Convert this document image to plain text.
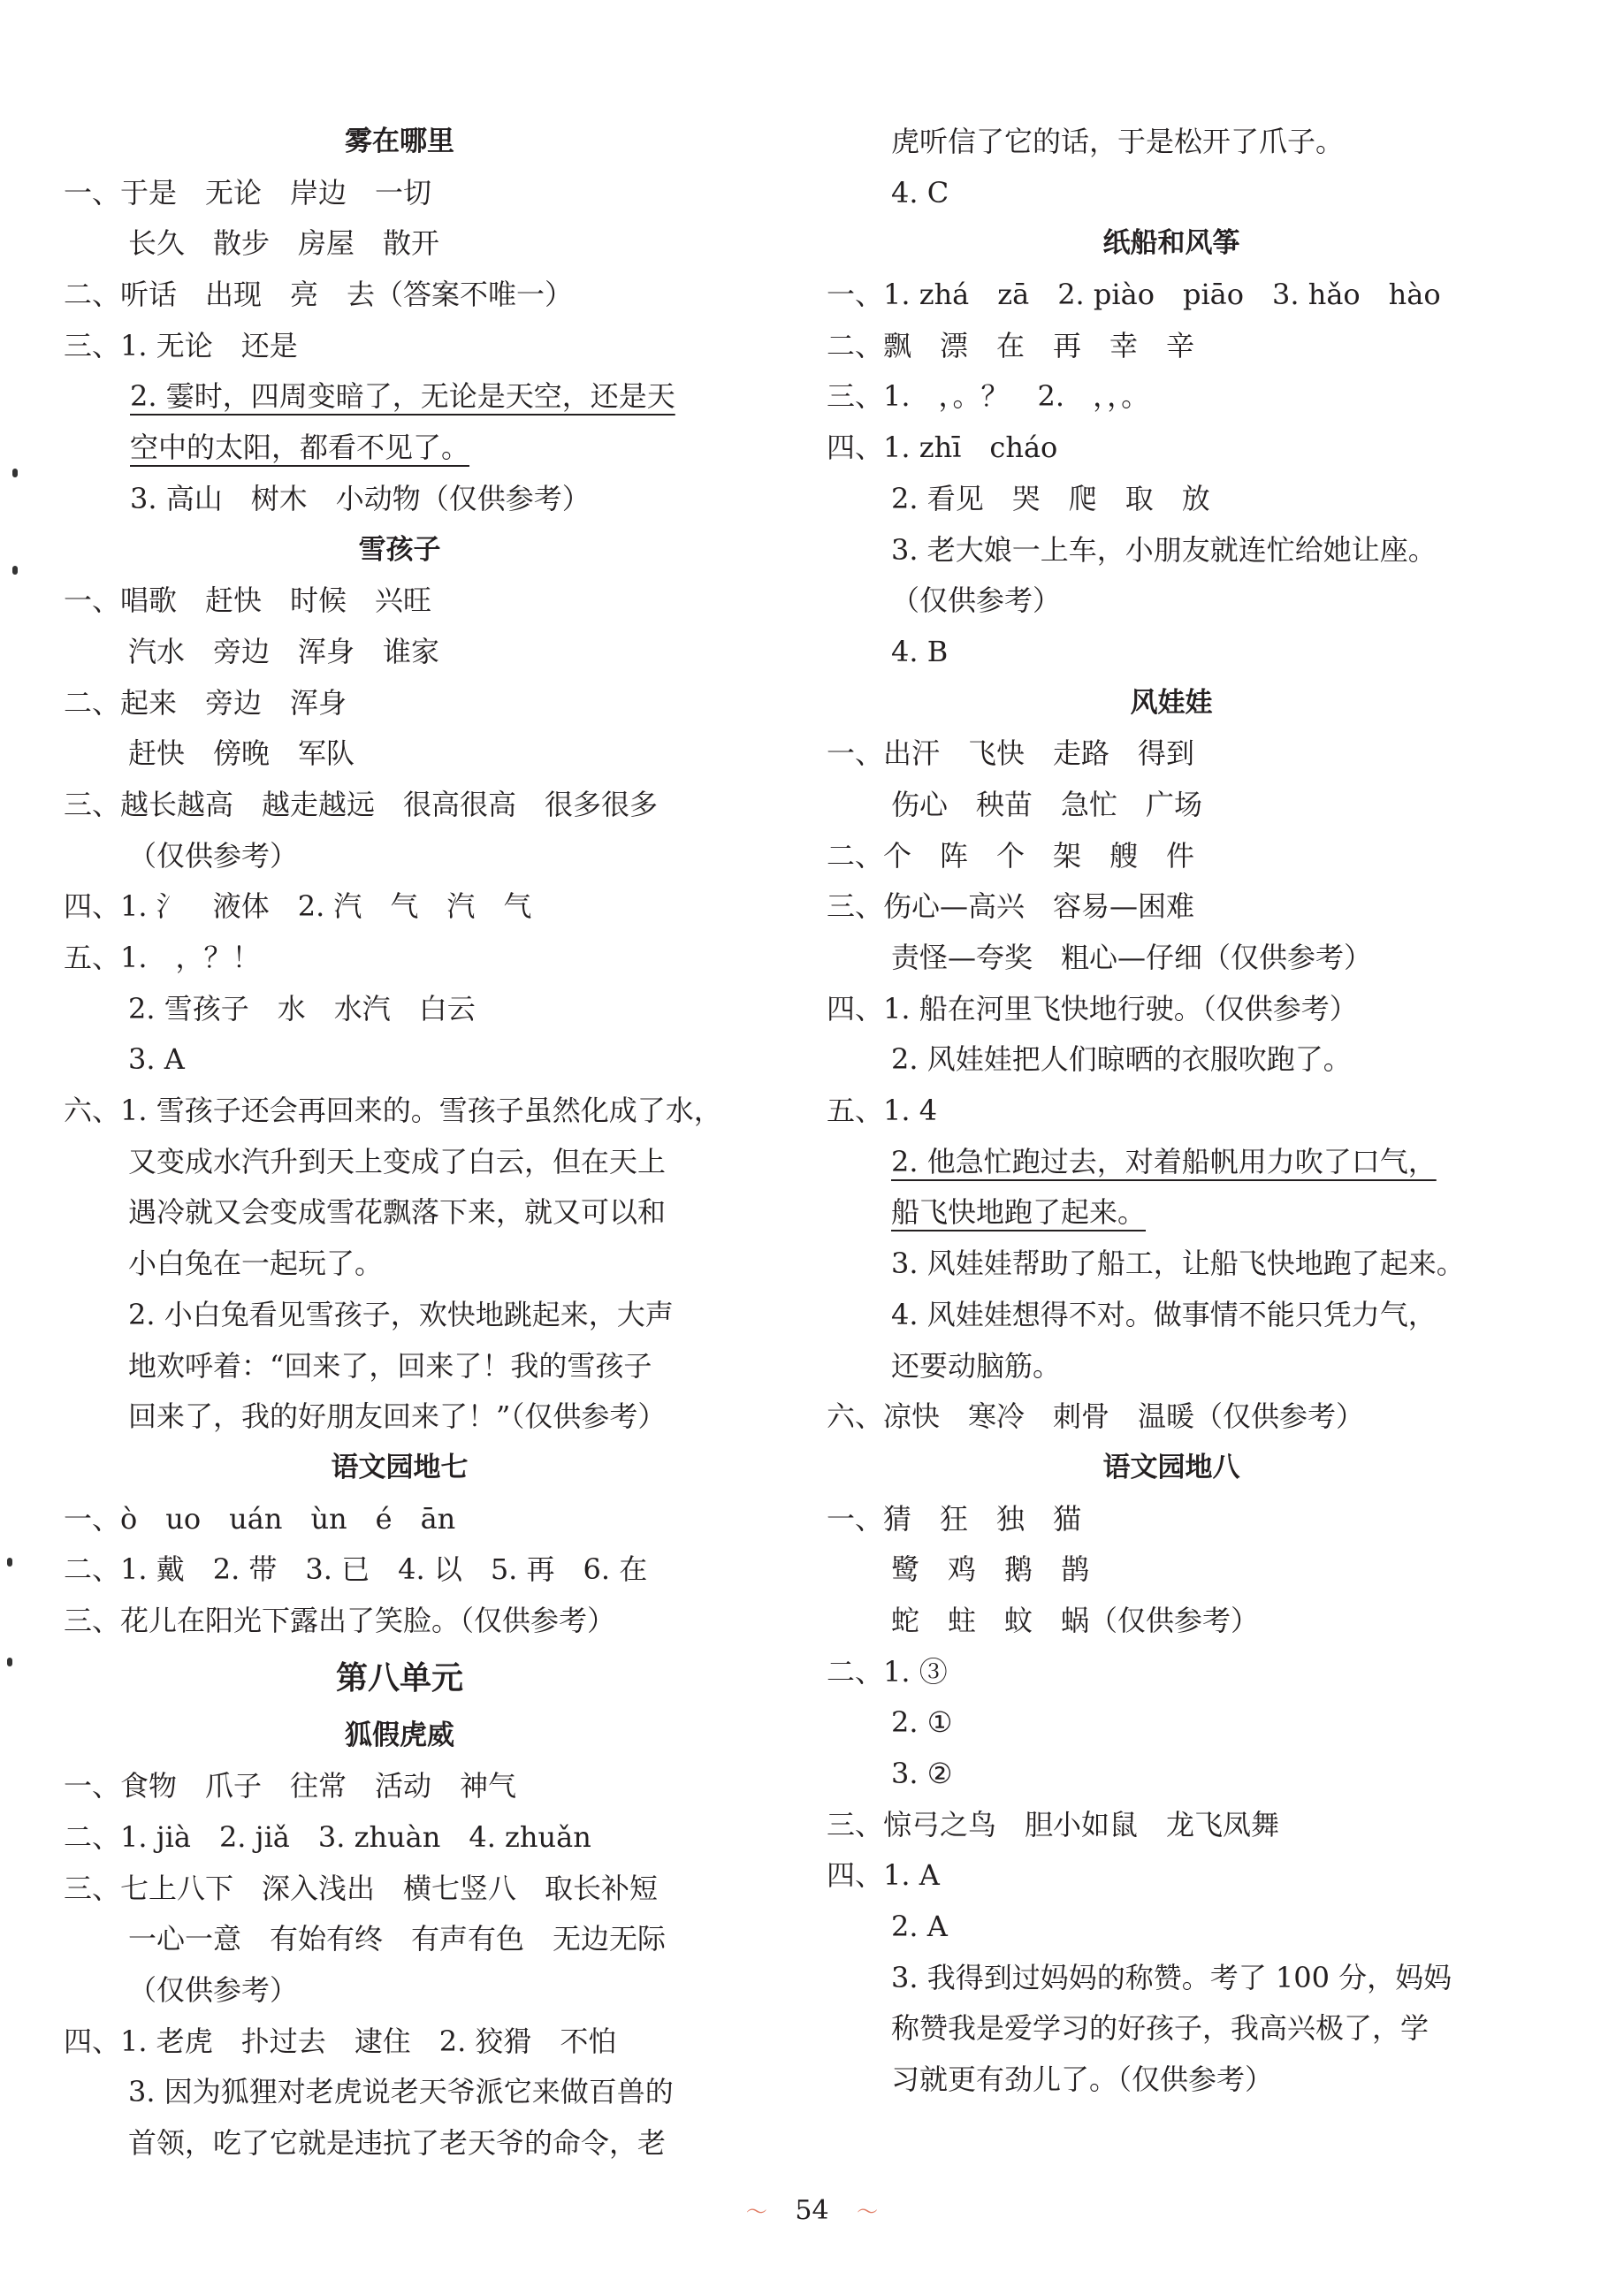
雾在哪里
一、于是　无论　岸边　一切
长久　散步　房屋　散开
二、听话　出现　亮　去（答案不唯一）
三、1. 无论　还是
2. 霎时，四周变暗了，无论是天空，还是天
空中的太阳，都看不见了。
3. 高山　树木　小动物（仅供参考）
雪孩子
一、唱歌　赶快　时候　兴旺
汽水　旁边　浑身　谁家
二、起来　旁边　浑身
赶快　傍晚　军队
三、越长越高　越走越远　很高很高　很多很多
（仅供参考）
四、1. 氵　液体　2. 汽　气　汽　气
五、1.　，？！
2. 雪孩子　水　水汽　白云
3. A
六、1. 雪孩子还会再回来的。雪孩子虽然化成了水，
又变成水汽升到天上变成了白云，但在天上
遇冷就又会变成雪花飘落下来，就又可以和
小白兔在一起玩了。
2. 小白兔看见雪孩子，欢快地跳起来，大声
地欢呼着：“回来了，回来了！我的雪孩子
回来了，我的好朋友回来了！”（仅供参考）
语文园地七
一、ò　uo　uán　ùn　é　ān
二、1. 戴　2. 带　3. 已　4. 以　5. 再　6. 在
三、花儿在阳光下露出了笑脸。（仅供参考）
第八单元
狐假虎威
一、食物　爪子　往常　活动　神气
二、1. jià　2. jiǎ　3. zhuàn　4. zhuǎn
三、七上八下　深入浅出　横七竖八　取长补短
一心一意　有始有终　有声有色　无边无际
（仅供参考）
四、1. 老虎　扑过去　逮住　2. 狡猾　不怕
3. 因为狐狸对老虎说老天爷派它来做百兽的
首领，吃了它就是违抗了老天爷的命令，老
虎听信了它的话，于是松开了爪子。
4. C
纸船和风筝
一、1. zhá　zā　2. piào　piāo　3. hǎo　hào
二、飘　漂　在　再　幸　辛
三、1.　，。？　2.　，，。
四、1. zhī　cháo
2. 看见　哭　爬　取　放
3. 老大娘一上车，小朋友就连忙给她让座。
（仅供参考）
4. B
风娃娃
一、出汗　飞快　走路　得到
伤心　秧苗　急忙　广场
二、个　阵　个　架　艘　件
三、伤心—高兴　容易—困难
责怪—夸奖　粗心—仔细（仅供参考）
四、1. 船在河里飞快地行驶。（仅供参考）
2. 风娃娃把人们晾晒的衣服吹跑了。
五、1. 4
2. 他急忙跑过去，对着船帆用力吹了口气，
船飞快地跑了起来。
3. 风娃娃帮助了船工，让船飞快地跑了起来。
4. 风娃娃想得不对。做事情不能只凭力气，
还要动脑筋。
六、凉快　寒冷　刺骨　温暖（仅供参考）
语文园地八
一、猜　狂　独　猫
鹭　鸡　鹅　鹊
蛇　蛀　蚊　蜗（仅供参考）
二、1. ③
2. ①
3. ②
三、惊弓之鸟　胆小如鼠　龙飞凤舞
四、1. A
2. A
3. 我得到过妈妈的称赞。考了 100 分，妈妈
称赞我是爱学习的好孩子，我高兴极了，学
习就更有劲儿了。（仅供参考）
～ 54 ～
